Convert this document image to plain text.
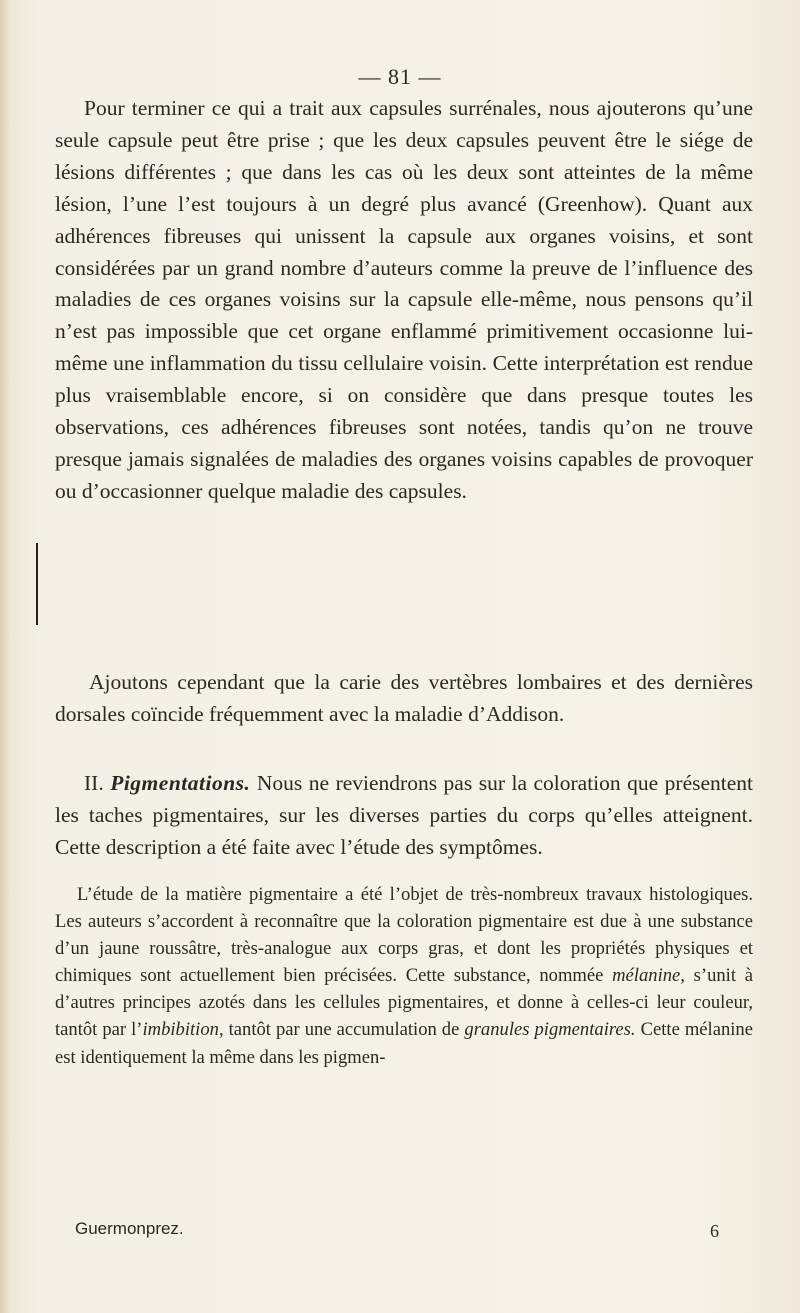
— 81 —

Pour terminer ce qui a trait aux capsules surrénales, nous ajouterons qu’une seule capsule peut être prise ; que les deux capsules peuvent être le siége de lésions différentes ; que dans les cas où les deux sont atteintes de la même lésion, l’une l’est toujours à un degré plus avancé (Greenhow). Quant aux adhérences fibreuses qui unissent la capsule aux organes voisins, et sont considérées par un grand nombre d’auteurs comme la preuve de l’influence des maladies de ces organes voisins sur la capsule elle-même, nous pensons qu’il n’est pas impossible que cet organe enflammé primitivement occasionne lui-même une inflammation du tissu cellulaire voisin. Cette interprétation est rendue plus vraisemblable encore, si on considère que dans presque toutes les observations, ces adhérences fibreuses sont notées, tandis qu’on ne trouve presque jamais signalées de maladies des organes voisins capables de provoquer ou d’occasionner quelque maladie des capsules.

Ajoutons cependant que la carie des vertèbres lombaires et des dernières dorsales coïncide fréquemment avec la maladie d’Addison.

II. Pigmentations. Nous ne reviendrons pas sur la coloration que présentent les taches pigmentaires, sur les diverses parties du corps qu’elles atteignent. Cette description a été faite avec l’étude des symptômes.

L’étude de la matière pigmentaire a été l’objet de très-nombreux travaux histologiques. Les auteurs s’accordent à reconnaître que la coloration pigmentaire est due à une substance d’un jaune roussâtre, très-analogue aux corps gras, et dont les propriétés physiques et chimiques sont actuellement bien précisées. Cette substance, nommée mélanine, s’unit à d’autres principes azotés dans les cellules pigmentaires, et donne à celles-ci leur couleur, tantôt par l’imbibition, tantôt par une accumulation de granules pigmentaires. Cette mélanine est identiquement la même dans les pigmen-

Guermonprez.	6
